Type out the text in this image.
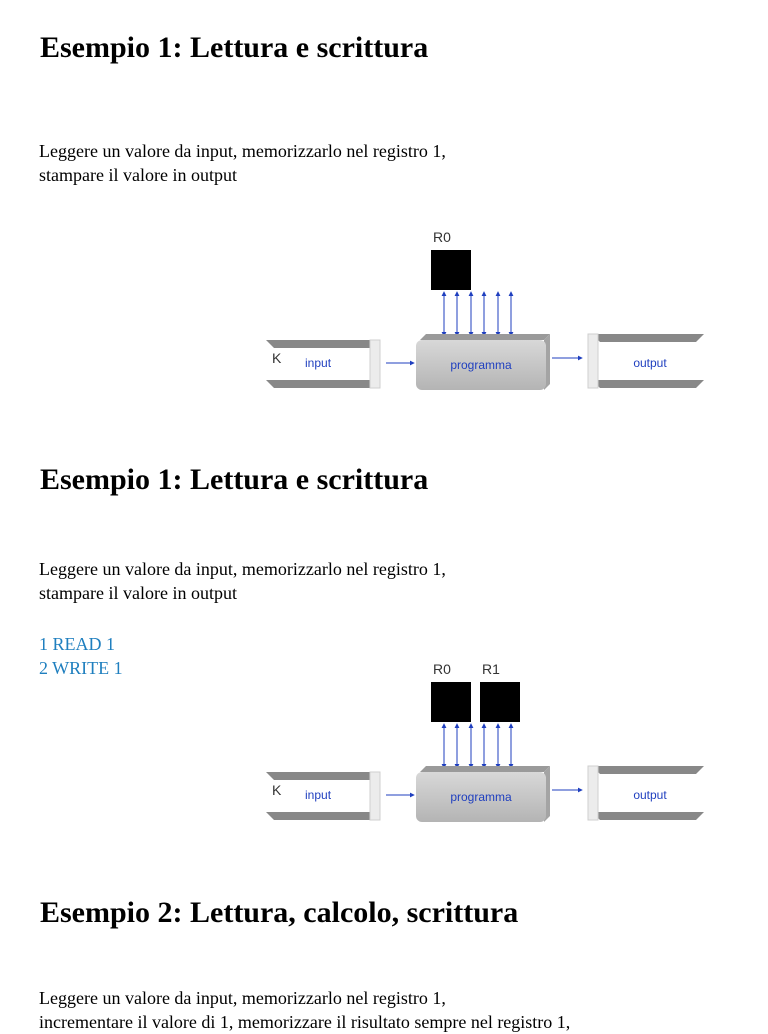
Esempio 1: Lettura e scrittura
Leggere un valore da input, memorizzarlo nel registro 1,
stampare il valore in output
R0
K input	programma	output
Esempio 1: Lettura e scrittura
Leggere un valore da input, memorizzarlo nel registro 1,
stampare il valore in output
1 READ 1
2 WRITE 1	R0 R1
K input	programma	output
Esempio 2: Lettura, calcolo, scrittura
Leggere un valore da input, memorizzarlo nel registro 1,
incrementare il valore di 1, memorizzare il risultato sempre nel registro 1,
